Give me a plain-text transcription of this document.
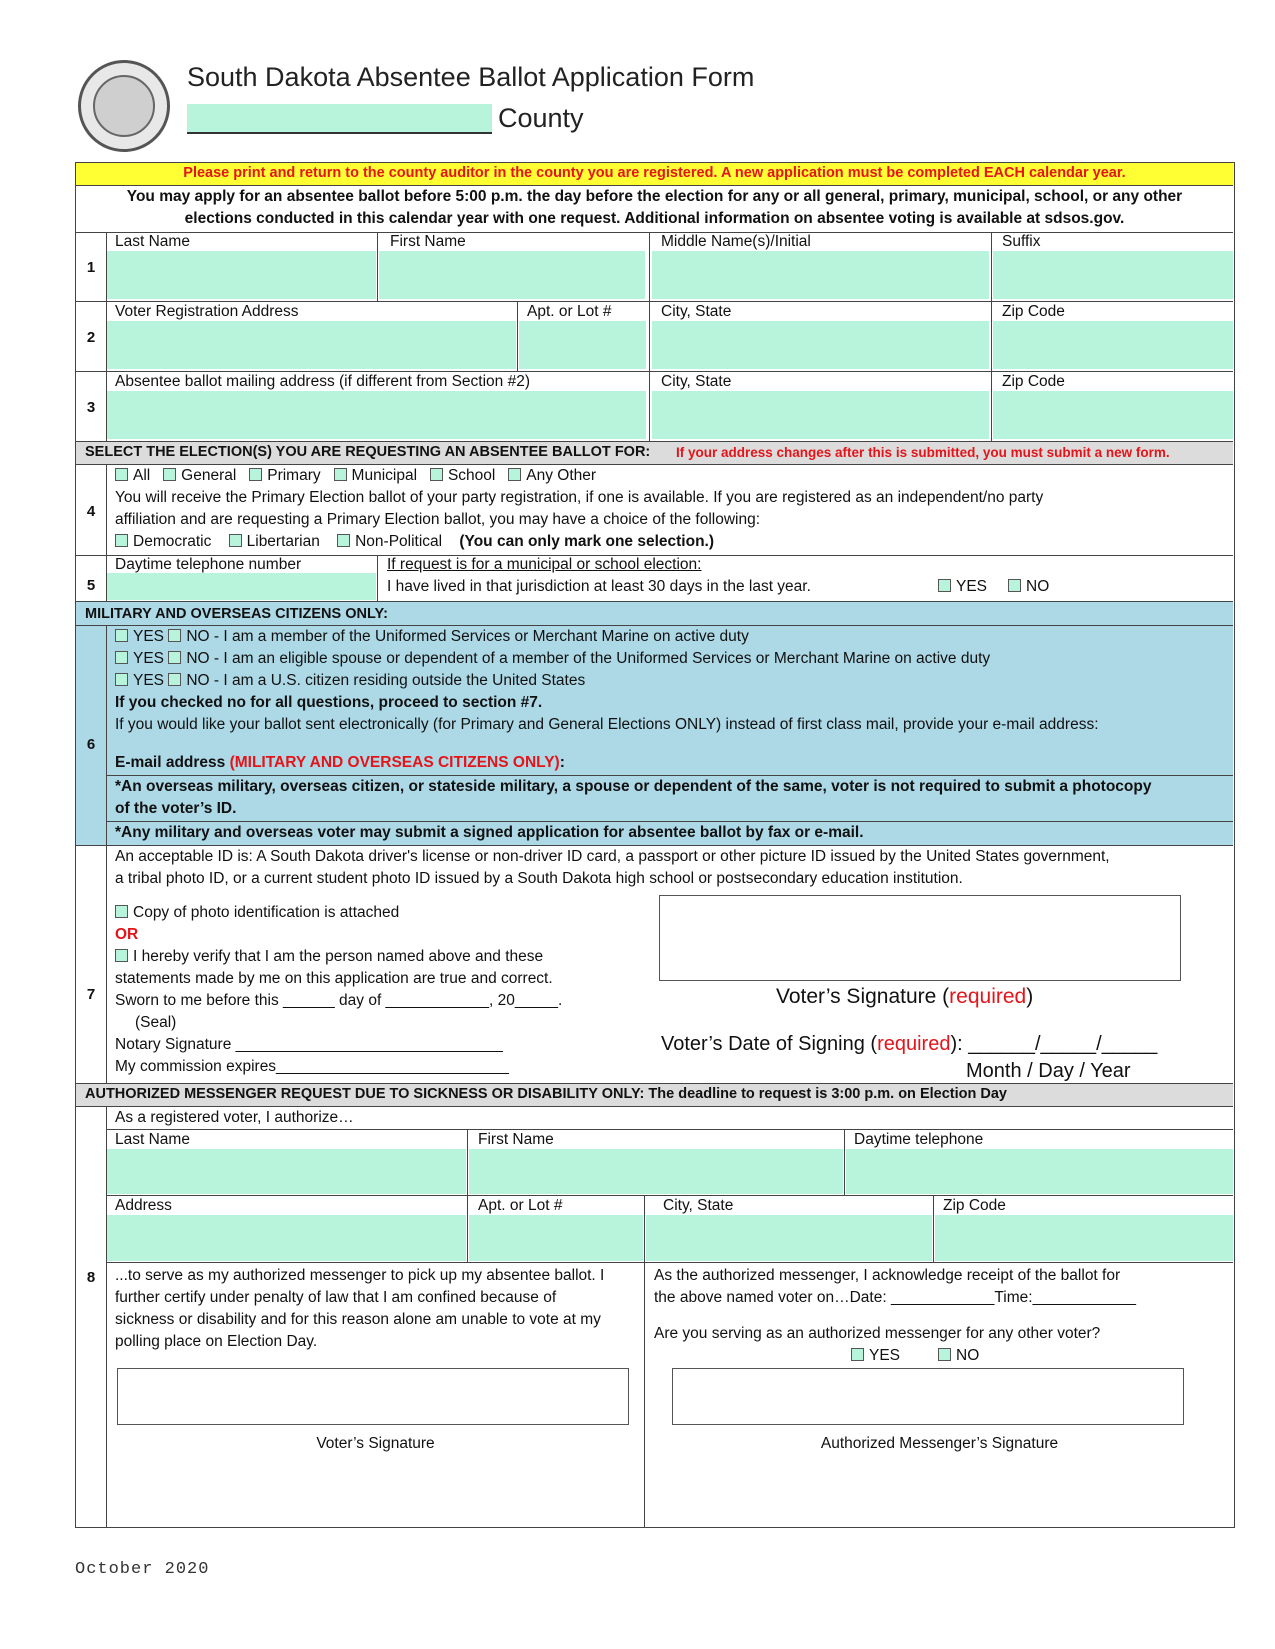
South Dakota Absentee Ballot Application Form
County
Please print and return to the county auditor in the county you are registered. A new application must be completed EACH calendar year.
You may apply for an absentee ballot before 5:00 p.m. the day before the election for any or all general, primary, municipal, school, or any other
elections conducted in this calendar year with one request. Additional information on absentee voting is available at sdsos.gov.
1
Last Name	First Name	Middle Name(s)/Initial	Suffix
2
Voter Registration Address	Apt. or Lot #	City, State	Zip Code
3
Absentee ballot mailing address (if different from Section #2)	City, State	Zip Code
SELECT THE ELECTION(S) YOU ARE REQUESTING AN ABSENTEE BALLOT FOR: If your address changes after this is submitted, you must submit a new form.
4
All General Primary Municipal School Any Other
You will receive the Primary Election ballot of your party registration, if one is available. If you are registered as an independent/no party
affiliation and are requesting a Primary Election ballot, you may have a choice of the following:
Democratic Libertarian Non-Political (You can only mark one selection.)
5
Daytime telephone number	If request is for a municipal or school election:
I have lived in that jurisdiction at least 30 days in the last year.	YES	NO
MILITARY AND OVERSEAS CITIZENS ONLY:
6
YES NO - I am a member of the Uniformed Services or Merchant Marine on active duty
YES NO - I am an eligible spouse or dependent of a member of the Uniformed Services or Merchant Marine on active duty
YES NO - I am a U.S. citizen residing outside the United States
If you checked no for all questions, proceed to section #7.
If you would like your ballot sent electronically (for Primary and General Elections ONLY) instead of first class mail, provide your e-mail address:
E-mail address (MILITARY AND OVERSEAS CITIZENS ONLY):
*An overseas military, overseas citizen, or stateside military, a spouse or dependent of the same, voter is not required to submit a photocopy
of the voter’s ID.
*Any military and overseas voter may submit a signed application for absentee ballot by fax or e-mail.
7
An acceptable ID is: A South Dakota driver's license or non-driver ID card, a passport or other picture ID issued by the United States government,
a tribal photo ID, or a current student photo ID issued by a South Dakota high school or postsecondary education institution.
Copy of photo identification is attached
OR
I hereby verify that I am the person named above and these
statements made by me on this application are true and correct.
Sworn to me before this ______ day of ____________, 20_____.
(Seal)
Notary Signature _______________________________
My commission expires___________________________
Voter’s Signature (required)
Voter’s Date of Signing (required): ______/_____/_____
Month / Day / Year
AUTHORIZED MESSENGER REQUEST DUE TO SICKNESS OR DISABILITY ONLY: The deadline to request is 3:00 p.m. on Election Day
8
As a registered voter, I authorize…
Last Name	First Name	Daytime telephone
Address	Apt. or Lot #	City, State	Zip Code
...to serve as my authorized messenger to pick up my absentee ballot. I
further certify under penalty of law that I am confined because of
sickness or disability and for this reason alone am unable to vote at my
polling place on Election Day.
Voter’s Signature
As the authorized messenger, I acknowledge receipt of the ballot for
the above named voter on…Date: ____________Time:____________
Are you serving as an authorized messenger for any other voter?
YES	NO
Authorized Messenger’s Signature
October 2020
